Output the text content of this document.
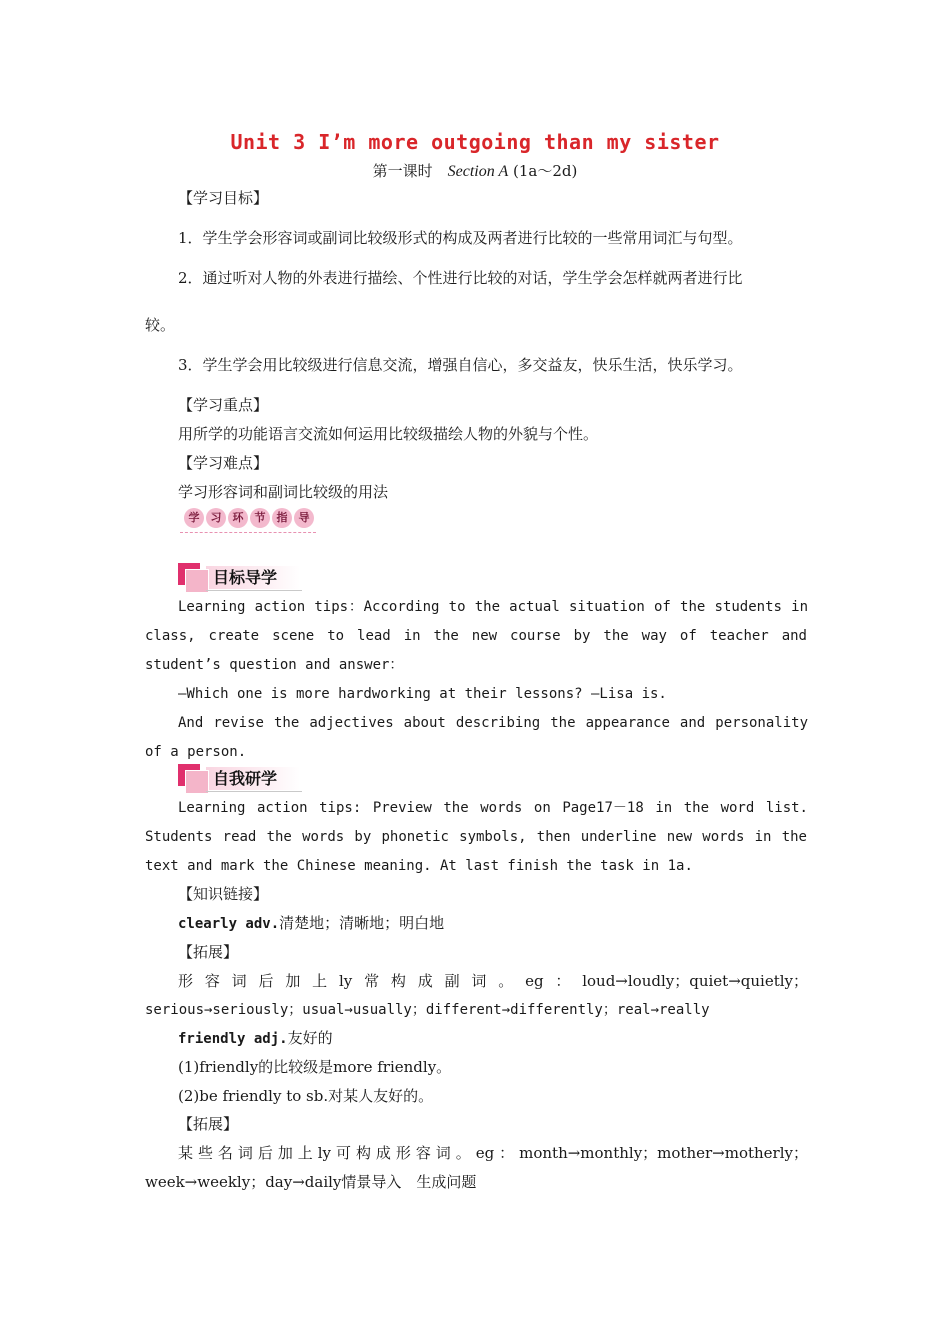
Unit 3 I’m more outgoing than my sister
第一课时　Section A (1a～2d)
【学习目标】
1．学生学会形容词或副词比较级形式的构成及两者进行比较的一些常用词汇与句型。
2．通过听对人物的外表进行描绘、个性进行比较的对话，学生学会怎样就两者进行比
较。
3．学生学会用比较级进行信息交流，增强自信心，多交益友，快乐生活，快乐学习。
【学习重点】
用所学的功能语言交流如何运用比较级描绘人物的外貌与个性。
【学习难点】
学习形容词和副词比较级的用法
学	习	环	节	指	导
目标导学
Learning action tips：According to the actual situation of the students in
class, create scene to lead in the new course by the way of teacher and
student’s question and answer：
—Which one is more hardworking at their lessons? —Lisa is.
And revise the adjectives about describing the appearance and personality
of a person.
自我研学
Learning action tips: Preview the words on Page17－18 in the word list.
Students read the words by phonetic symbols, then underline new words in the
text and mark the Chinese meaning. At last finish the task in 1a.
【知识链接】
clearly adv.清楚地；清晰地；明白地
【拓展】
形容词后加上ly常构成副词。eg：loud→loudly；quiet→quietly；
serious→seriously；usual→usually；different→differently；real→really
friendly adj.友好的
(1)friendly的比较级是more friendly。
(2)be friendly to sb.对某人友好的。
【拓展】
某些名词后加上ly可构成形容词。eg：month→monthly；mother→motherly；
week→weekly；day→daily情景导入　生成问题
